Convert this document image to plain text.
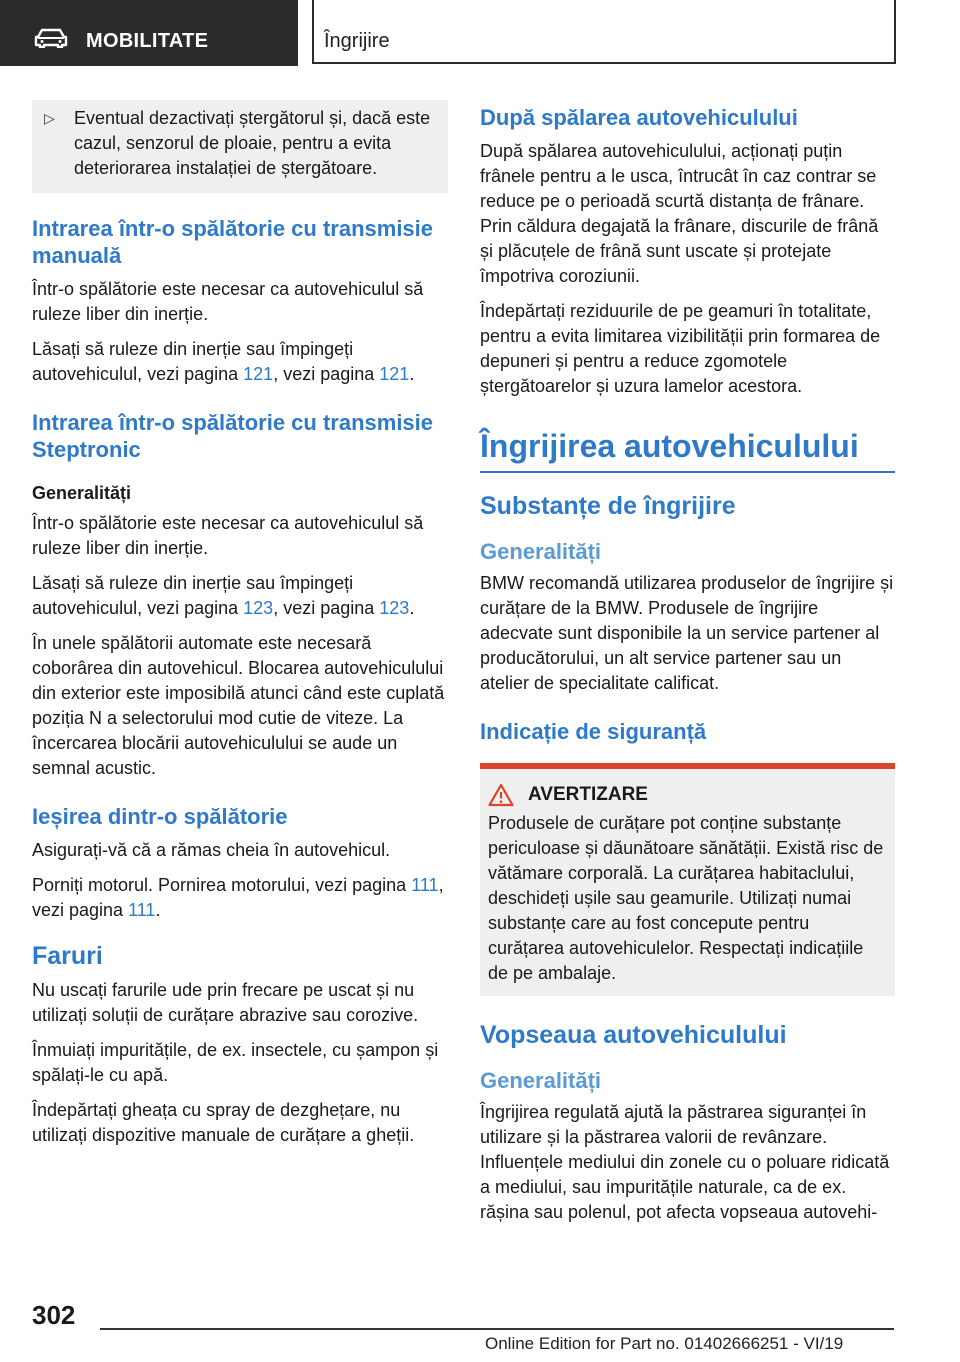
MOBILITATE	Îngrijire
▷	Eventual dezactivați ștergătorul și, dacă este cazul, senzorul de ploaie, pentru a evita deteriorarea instalației de ștergătoare.

Intrarea într-o spălătorie cu transmisie manuală

Într-o spălătorie este necesar ca autovehiculul să ruleze liber din inerție.

Lăsați să ruleze din inerție sau împingeți autovehiculul, vezi pagina 121, vezi pagina 121.

Intrarea într-o spălătorie cu transmisie Steptronic
Generalități

Într-o spălătorie este necesar ca autovehiculul să ruleze liber din inerție.

Lăsați să ruleze din inerție sau împingeți autovehiculul, vezi pagina 123, vezi pagina 123.

În unele spălătorii automate este necesară coborârea din autovehicul. Blocarea autovehiculului din exterior este imposibilă atunci când este cuplată poziția N a selectorului mod cutie de viteze. La încercarea blocării autovehiculului se aude un semnal acustic.

Ieșirea dintr-o spălătorie

Asigurați-vă că a rămas cheia în autovehicul.

Porniți motorul. Pornirea motorului, vezi pagina 111, vezi pagina 111.

Faruri

Nu uscați farurile ude prin frecare pe uscat și nu utilizați soluții de curățare abrazive sau corozive.

Înmuiați impuritățile, de ex. insectele, cu șampon și spălați-le cu apă.

Îndepărtați gheața cu spray de dezghețare, nu utilizați dispozitive manuale de curățare a gheții.

După spălarea autovehiculului

După spălarea autovehiculului, acționați puțin frânele pentru a le usca, întrucât în caz contrar se reduce pe o perioadă scurtă distanța de frânare. Prin căldura degajată la frânare, discurile de frână și plăcuțele de frână sunt uscate și protejate împotriva coroziunii.

Îndepărtați reziduurile de pe geamuri în totalitate, pentru a evita limitarea vizibilității prin formarea de depuneri și pentru a reduce zgomotele ștergătoarelor și uzura lamelor acestora.

Îngrijirea autovehiculului
Substanțe de îngrijire
Generalități

BMW recomandă utilizarea produselor de îngrijire și curățare de la BMW. Produsele de îngrijire adecvate sunt disponibile la un service partener al producătorului, un alt service partener sau un atelier de specialitate calificat.

Indicație de siguranță
AVERTIZARE

Produsele de curățare pot conține substanțe periculoase și dăunătoare sănătății. Există risc de vătămare corporală. La curățarea habitaclului, deschideți ușile sau geamurile. Utilizați numai substanțe care au fost concepute pentru curățarea autovehiculelor. Respectați indicațiile de pe ambalaje.

Vopseaua autovehiculului
Generalități

Îngrijirea regulată ajută la păstrarea siguranței în utilizare și la păstrarea valorii de revânzare. Influențele mediului din zonele cu o poluare ridicată a mediului, sau impuritățile naturale, ca de ex. rășina sau polenul, pot afecta vopseaua autovehi-

302
Online Edition for Part no. 01402666251 - VI/19
